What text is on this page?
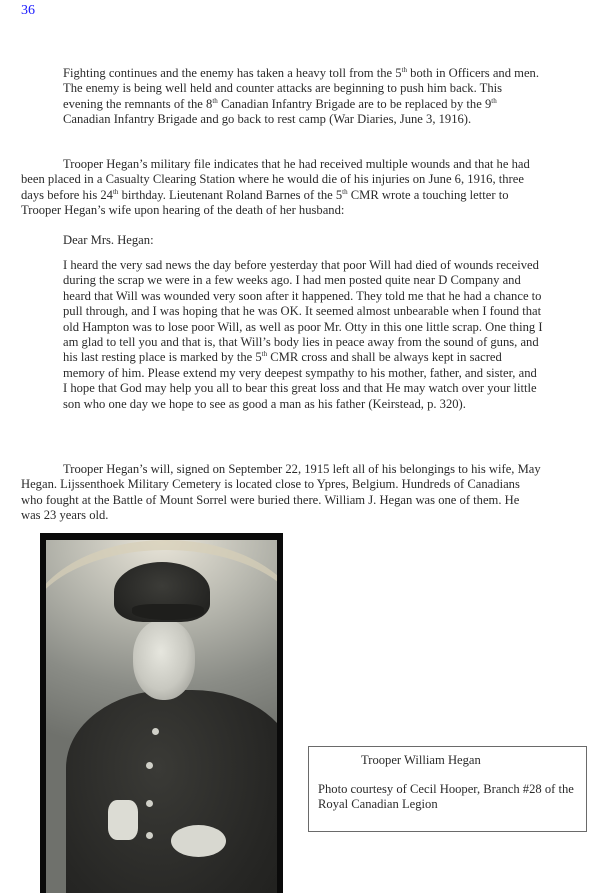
36

Fighting continues and the enemy has taken a heavy toll from the 5th both in Officers and men. The enemy is being well held and counter attacks are beginning to push him back. This evening the remnants of the 8th Canadian Infantry Brigade are to be replaced by the 9th Canadian Infantry Brigade and go back to rest camp (War Diaries, June 3, 1916).

Trooper Hegan’s military file indicates that he had received multiple wounds and that he had been placed in a Casualty Clearing Station where he would die of his injuries on June 6, 1916, three days before his 24th birthday. Lieutenant Roland Barnes of the 5th CMR wrote a touching letter to Trooper Hegan’s wife upon hearing of the death of her husband:

Dear Mrs. Hegan:

I heard the very sad news the day before yesterday that poor Will had died of wounds received during the scrap we were in a few weeks ago. I had men posted quite near D Company and heard that Will was wounded very soon after it happened. They told me that he had a chance to pull through, and I was hoping that he was OK. It seemed almost unbearable when I found that old Hampton was to lose poor Will, as well as poor Mr. Otty in this one little scrap. One thing I am glad to tell you and that is, that Will’s body lies in peace away from the sound of guns, and his last resting place is marked by the 5th CMR cross and shall be always kept in sacred memory of him. Please extend my very deepest sympathy to his mother, father, and sister, and I hope that God may help you all to bear this great loss and that He may watch over your little son who one day we hope to see as good a man as his father (Keirstead, p. 320).

Trooper Hegan’s will, signed on September 22, 1915 left all of his belongings to his wife, May Hegan. Lijssenthoek Military Cemetery is located close to Ypres, Belgium. Hundreds of Canadians who fought at the Battle of Mount Sorrel were buried there. William J. Hegan was one of them. He was 23 years old.

Trooper William Hegan
Photo courtesy of Cecil Hooper, Branch #28 of the Royal Canadian Legion
